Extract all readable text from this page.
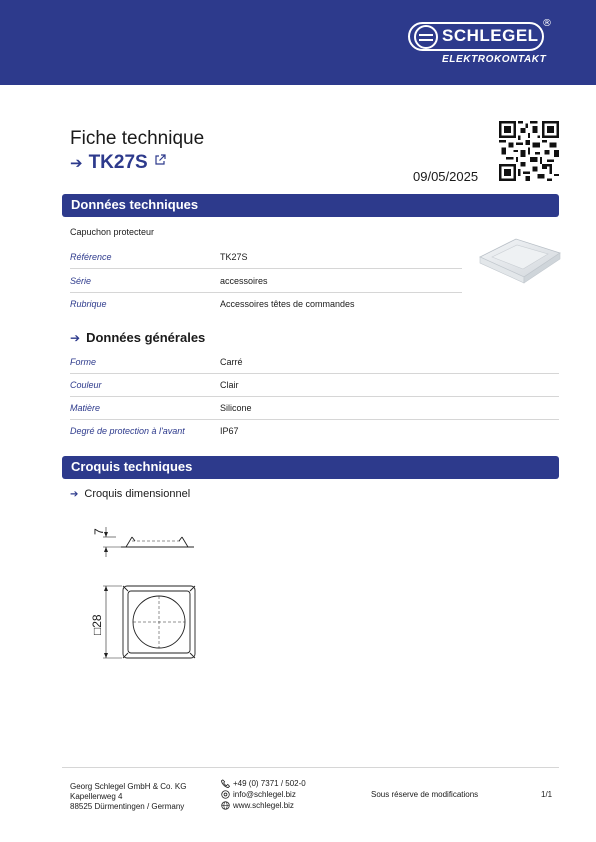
SCHLEGEL
®
ELEKTROKONTAKT
Fiche technique
➔ TK27S
09/05/2025
Données techniques
Capuchon protecteur
Référence	TK27S
Série	accessoires
Rubrique	Accessoires têtes de commandes
➔ Données générales
Forme	Carré
Couleur	Clair
Matière	Silicone
Degré de protection à l'avant	IP67
Croquis techniques
➔ Croquis dimensionnel
7
□
28
Georg Schlegel GmbH & Co. KG
Kapellenweg 4
88525 Dürmentingen / Germany
+49 (0) 7371 / 502-0
info@schlegel.biz
www.schlegel.biz
Sous réserve de modifications	1/1
